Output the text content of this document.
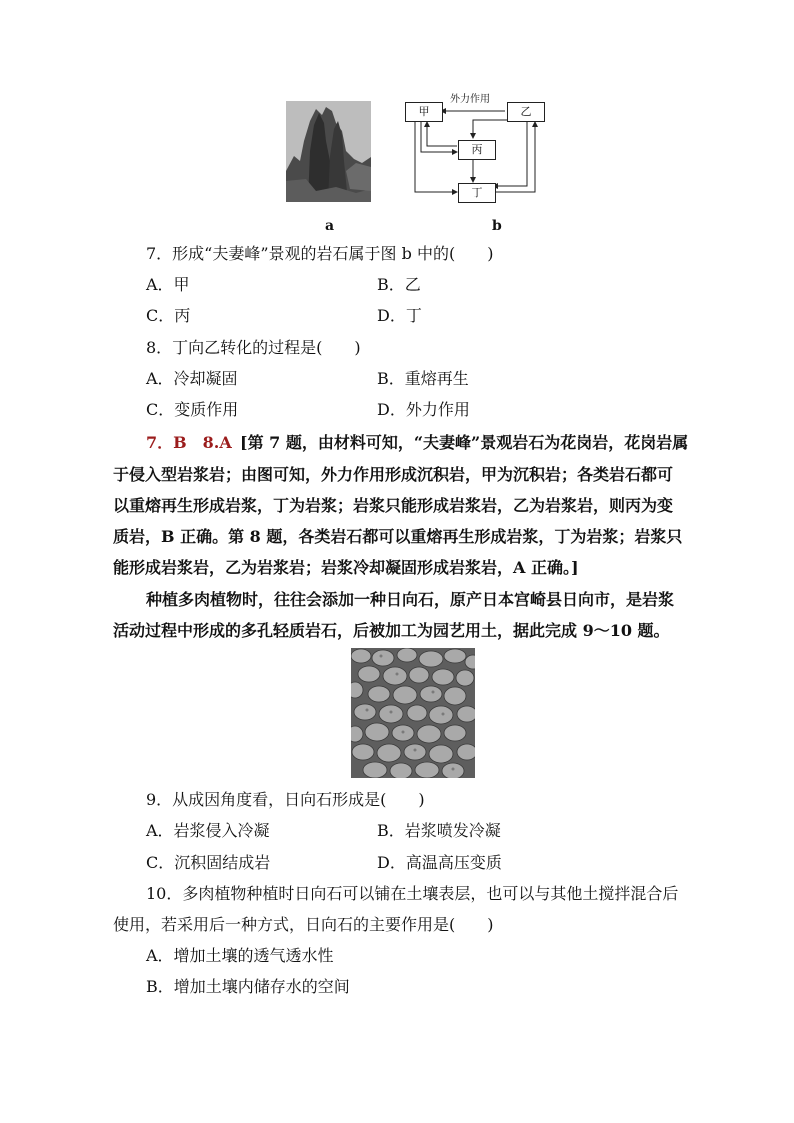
a
甲	乙
丙
丁
外力作用
b
7．形成“夫妻峰”景观的岩石属于图 b 中的(　　)
A．甲	B．乙
C．丙	D．丁
8．丁向乙转化的过程是(　　)
A．冷却凝固	B．重熔再生
C．变质作用	D．外力作用
7．B　8.A [第 7 题，由材料可知，“夫妻峰”景观岩石为花岗岩，花岗岩属
于侵入型岩浆岩；由图可知，外力作用形成沉积岩，甲为沉积岩；各类岩石都可
以重熔再生形成岩浆，丁为岩浆；岩浆只能形成岩浆岩，乙为岩浆岩，则丙为变
质岩，B 正确。第 8 题，各类岩石都可以重熔再生形成岩浆，丁为岩浆；岩浆只
能形成岩浆岩，乙为岩浆岩；岩浆冷却凝固形成岩浆岩，A 正确。]
种植多肉植物时，往往会添加一种日向石，原产日本宫崎县日向市，是岩浆
活动过程中形成的多孔轻质岩石，后被加工为园艺用土，据此完成 9～10 题。
9．从成因角度看，日向石形成是(　　)
A．岩浆侵入冷凝	B．岩浆喷发冷凝
C．沉积固结成岩	D．高温高压变质
10．多肉植物种植时日向石可以铺在土壤表层，也可以与其他土搅拌混合后
使用，若采用后一种方式，日向石的主要作用是(　　)
A．增加土壤的透气透水性
B．增加土壤内储存水的空间
